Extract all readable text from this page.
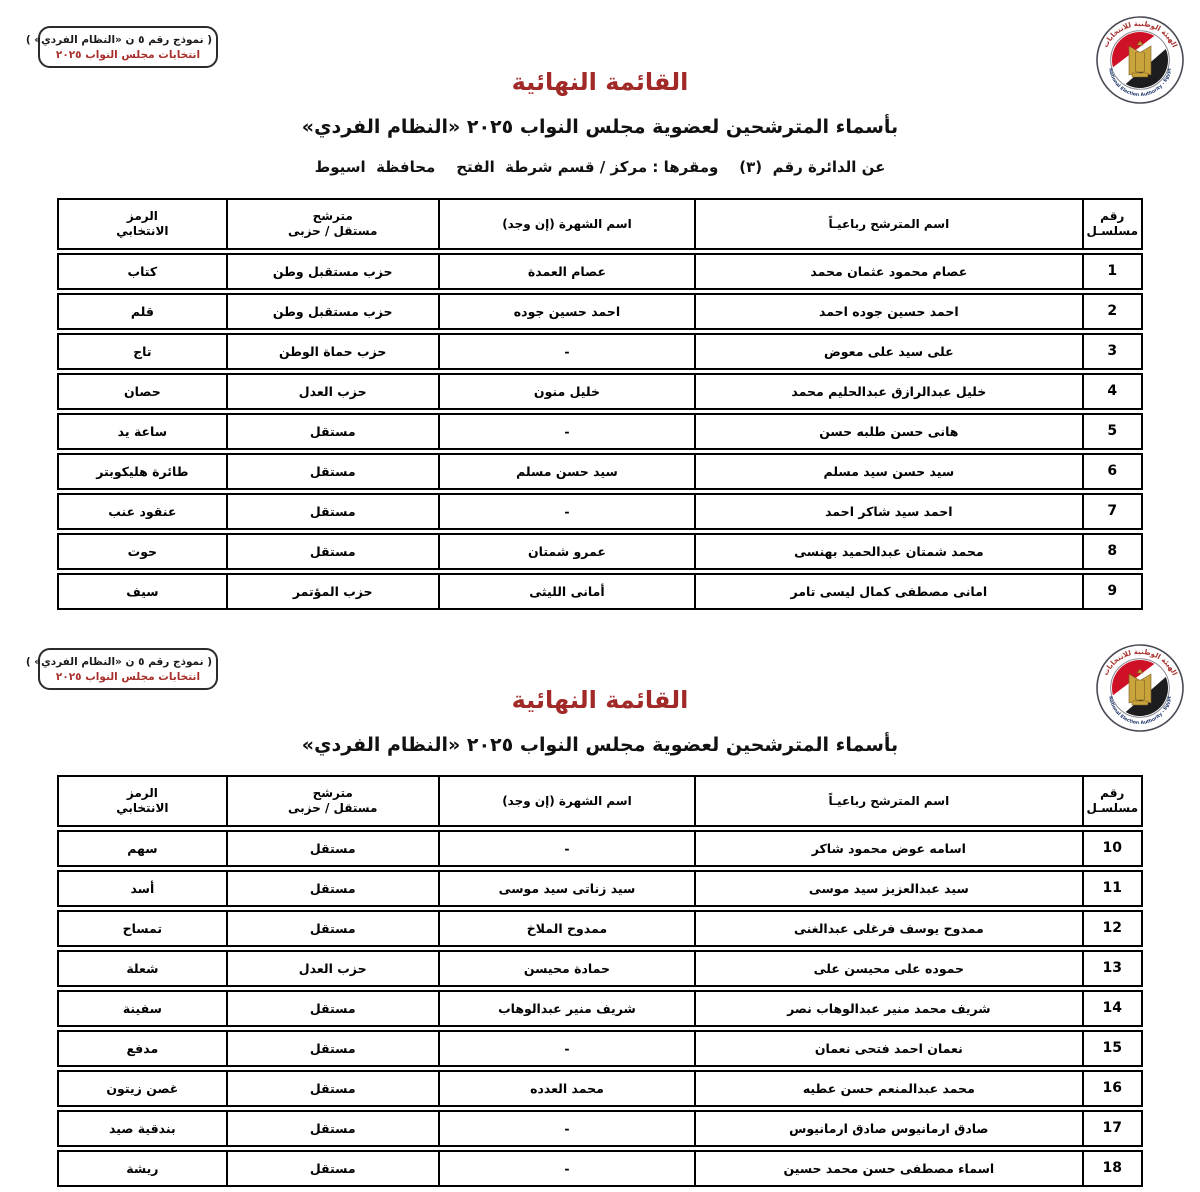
( نموذج رقم ٥ ن «النظام الفردي» )
انتخابات مجلس النواب ٢٠٢٥
القائمة النهائية
بأسماء المترشحين لعضوية مجلس النواب ٢٠٢٥ «النظام الفردي»
عن الدائرة رقم  (٣)    ومقرها : مركز / قسم شرطة  الفتح    محافظة  اسيوط
رقم
مسلسـل
اسم المترشح رباعيـاً
اسم الشهرة (إن وجد)
مترشح
مستقل / حزبى
الرمز
الانتخابي
1
عصام محمود عثمان محمد
عصام العمدة
حزب مستقبل وطن
كتاب
2
احمد حسين جوده احمد
احمد حسين جوده
حزب مستقبل وطن
قلم
3
على سيد على معوض
-
حزب حماة الوطن
تاج
4
خليل عبدالرازق عبدالحليم محمد
خليل منون
حزب العدل
حصان
5
هانى حسن طلبه حسن
-
مستقل
ساعة يد
6
سيد حسن سيد مسلم
سيد حسن مسلم
مستقل
طائرة هليكوبتر
7
احمد سيد شاكر احمد
-
مستقل
عنقود عنب
8
محمد شمتان عبدالحميد بهنسى
عمرو شمتان
مستقل
حوت
9
امانى مصطفى كمال ليسى تامر
أمانى الليثى
حزب المؤتمر
سيف
( نموذج رقم ٥ ن «النظام الفردي» )
انتخابات مجلس النواب ٢٠٢٥
القائمة النهائية
بأسماء المترشحين لعضوية مجلس النواب ٢٠٢٥ «النظام الفردي»
رقم
مسلسـل
اسم المترشح رباعيـاً
اسم الشهرة (إن وجد)
مترشح
مستقل / حزبى
الرمز
الانتخابي
10
اسامه عوض محمود شاكر
-
مستقل
سهم
11
سيد عبدالعزيز سيد موسى
سيد زناتى سيد موسى
مستقل
أسد
12
ممدوح يوسف فرغلى عبدالغنى
ممدوح الملاخ
مستقل
تمساح
13
حموده على محيسن على
حمادة محيسن
حزب العدل
شعلة
14
شريف محمد منير عبدالوهاب نصر
شريف منير عبدالوهاب
مستقل
سفينة
15
نعمان احمد فتحى نعمان
-
مستقل
مدفع
16
محمد عبدالمنعم حسن عطيه
محمد العدده
مستقل
غصن زيتون
17
صادق ارمانيوس صادق ارمانيوس
-
مستقل
بندقية صيد
18
اسماء مصطفى حسن محمد حسين
-
مستقل
ريشة
